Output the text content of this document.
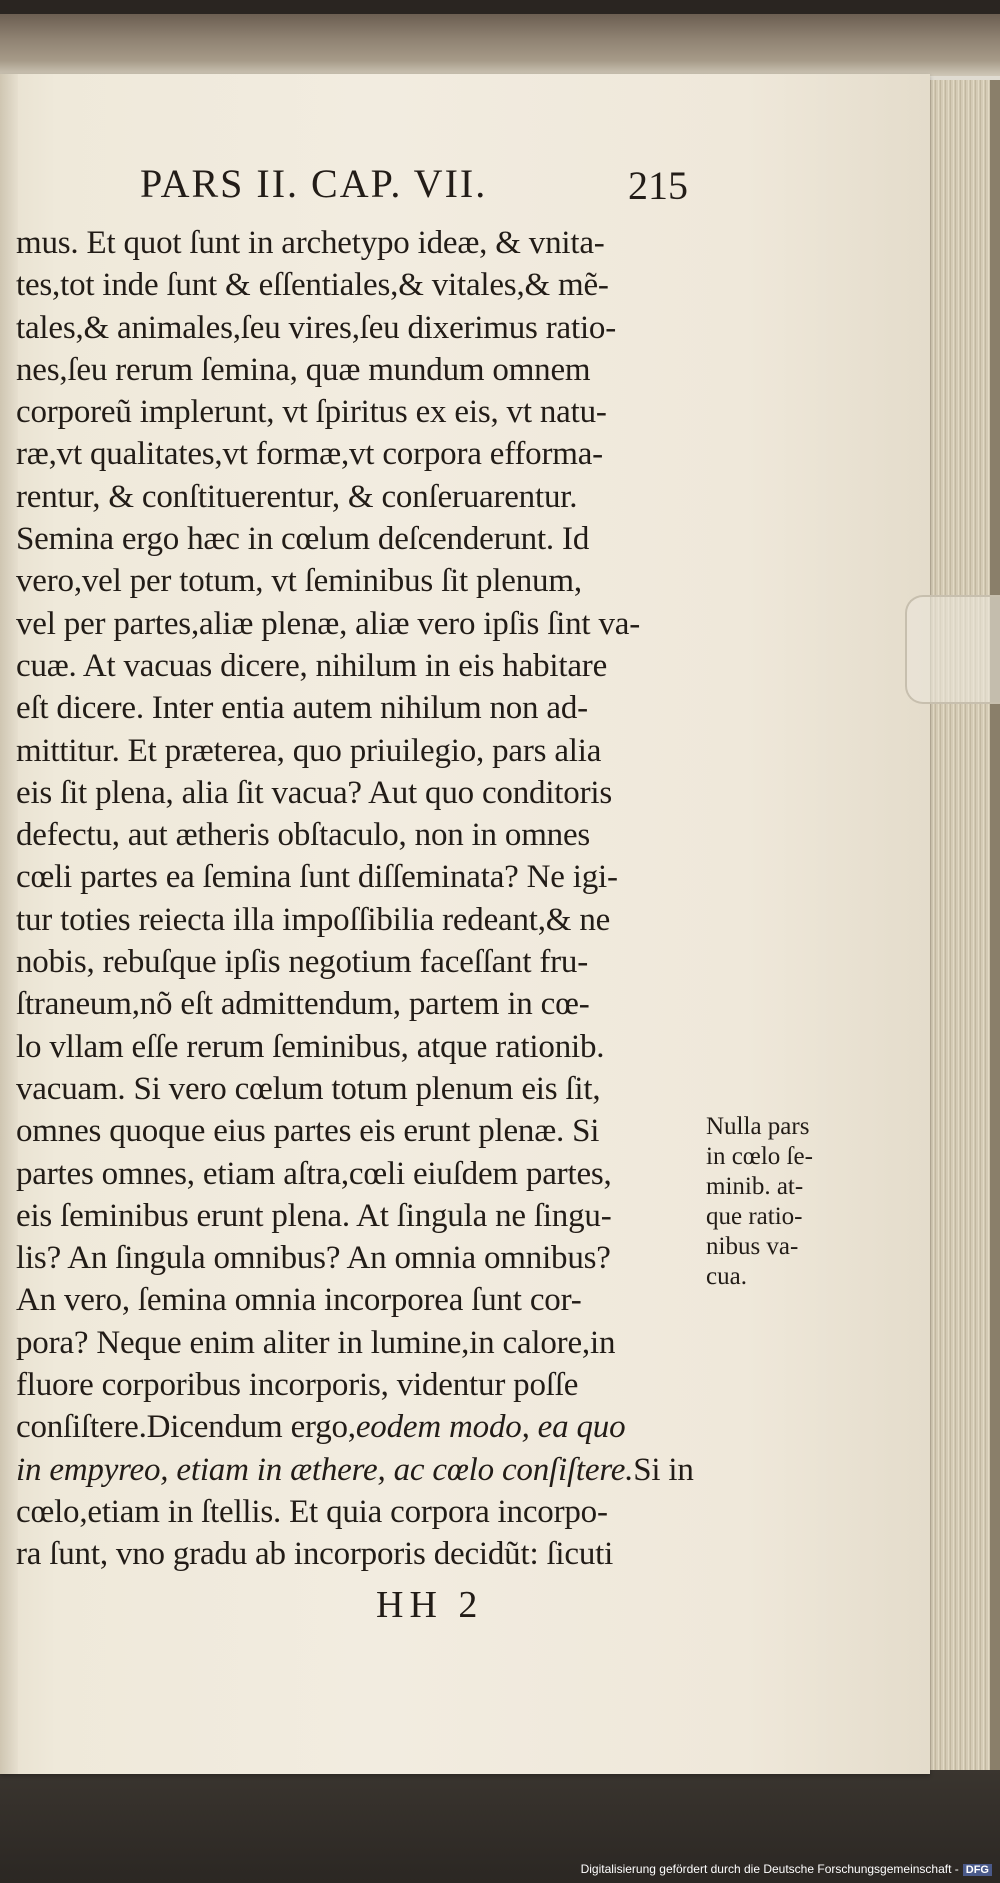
PARS II. CAP. VII.	215
mus. Et quot ſunt in archetypo ideæ, & vnita-
tes,tot inde ſunt & eſſentiales,& vitales,& mẽ-
tales,& animales,ſeu vires,ſeu dixerimus ratio-
nes,ſeu rerum ſemina, quæ mundum omnem
corporeũ implerunt, vt ſpiritus ex eis, vt natu-
ræ,vt qualitates,vt formæ,vt corpora efforma-
rentur, & conſtituerentur, & conſeruarentur.
Semina ergo hæc in cœlum deſcenderunt. Id
vero,vel per totum, vt ſeminibus ſit plenum,
vel per partes,aliæ plenæ, aliæ vero ipſis ſint va-
cuæ. At vacuas dicere, nihilum in eis habitare
eſt dicere. Inter entia autem nihilum non ad-
mittitur. Et præterea, quo priuilegio, pars alia
eis ſit plena, alia ſit vacua? Aut quo conditoris
defectu, aut ætheris obſtaculo, non in omnes
cœli partes ea ſemina ſunt diſſeminata? Ne igi-
tur toties reiecta illa impoſſibilia redeant,& ne
nobis, rebuſque ipſis negotium faceſſant fru-
ſtraneum,nõ eſt admittendum, partem in cœ-
lo vllam eſſe rerum ſeminibus, atque rationib.
vacuam. Si vero cœlum totum plenum eis ſit,
omnes quoque eius partes eis erunt plenæ. Si
partes omnes, etiam aſtra,cœli eiuſdem partes,
eis ſeminibus erunt plena. At ſingula ne ſingu-
lis? An ſingula omnibus? An omnia omnibus?
An vero, ſemina omnia incorporea ſunt cor-
pora? Neque enim aliter in lumine,in calore,in
fluore corporibus incorporis, videntur poſſe
conſiſtere.Dicendum ergo,eodem modo, ea quo
in empyreo, etiam in æthere, ac cœlo conſiſtere.Si in
cœlo,etiam in ſtellis. Et quia corpora incorpo-
ra ſunt, vno gradu ab incorporis decidũt: ſicuti
Nulla pars
in cœlo ſe-
minib. at-
que ratio-
nibus va-
cua.
HH 2
Digitalisierung gefördert durch die Deutsche Forschungsgemeinschaft - DFG
